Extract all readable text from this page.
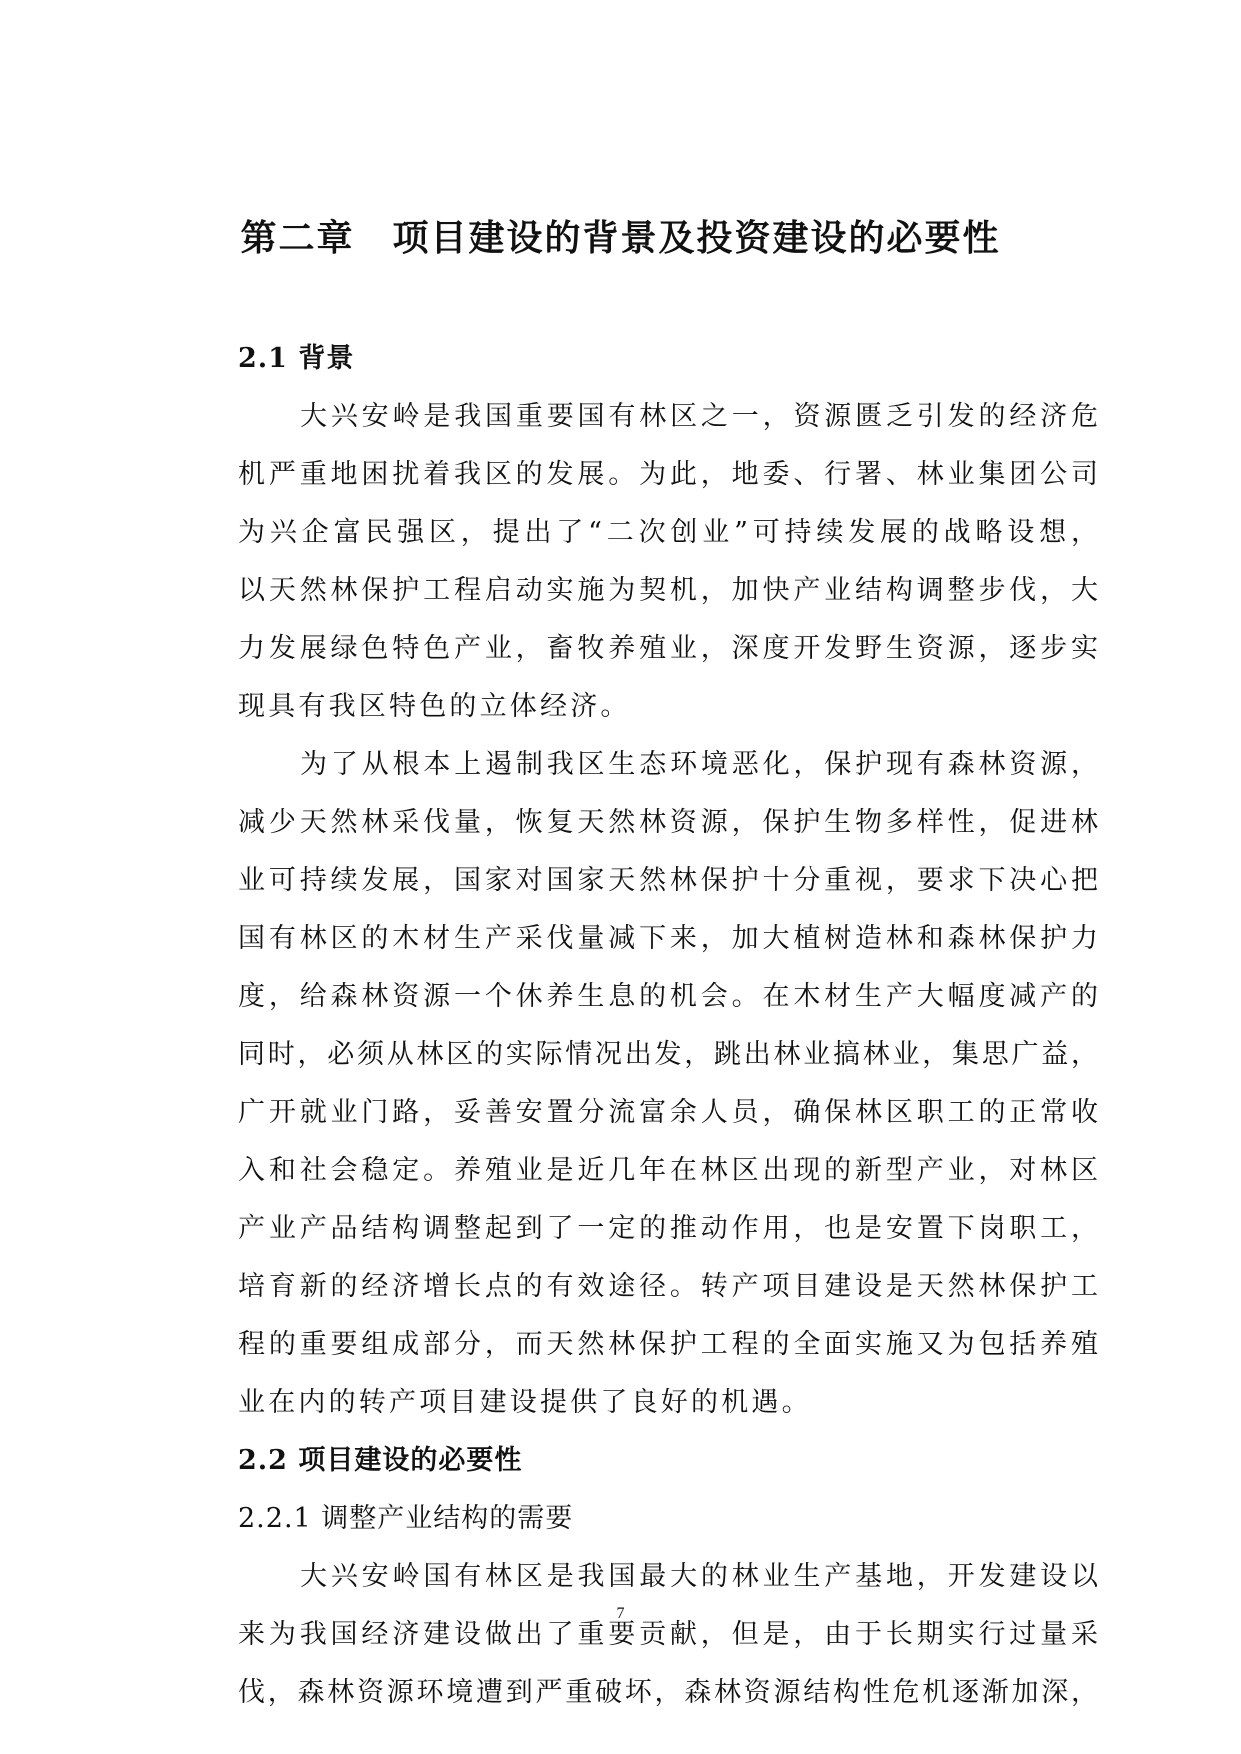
第二章　项目建设的背景及投资建设的必要性
2.1 背景
大兴安岭是我国重要国有林区之一，资源匮乏引发的经济危
机严重地困扰着我区的发展。为此，地委、行署、林业集团公司
为兴企富民强区，提出了“二次创业”可持续发展的战略设想，
以天然林保护工程启动实施为契机，加快产业结构调整步伐，大
力发展绿色特色产业，畜牧养殖业，深度开发野生资源，逐步实
现具有我区特色的立体经济。
为了从根本上遏制我区生态环境恶化，保护现有森林资源，
减少天然林采伐量，恢复天然林资源，保护生物多样性，促进林
业可持续发展，国家对国家天然林保护十分重视，要求下决心把
国有林区的木材生产采伐量减下来，加大植树造林和森林保护力
度，给森林资源一个休养生息的机会。在木材生产大幅度减产的
同时，必须从林区的实际情况出发，跳出林业搞林业，集思广益，
广开就业门路，妥善安置分流富余人员，确保林区职工的正常收
入和社会稳定。养殖业是近几年在林区出现的新型产业，对林区
产业产品结构调整起到了一定的推动作用，也是安置下岗职工，
培育新的经济增长点的有效途径。转产项目建设是天然林保护工
程的重要组成部分，而天然林保护工程的全面实施又为包括养殖
业在内的转产项目建设提供了良好的机遇。
2.2 项目建设的必要性
2.2.1 调整产业结构的需要
大兴安岭国有林区是我国最大的林业生产基地，开发建设以
来为我国经济建设做出了重要贡献，但是，由于长期实行过量采
伐，森林资源环境遭到严重破坏，森林资源结构性危机逐渐加深，
7
